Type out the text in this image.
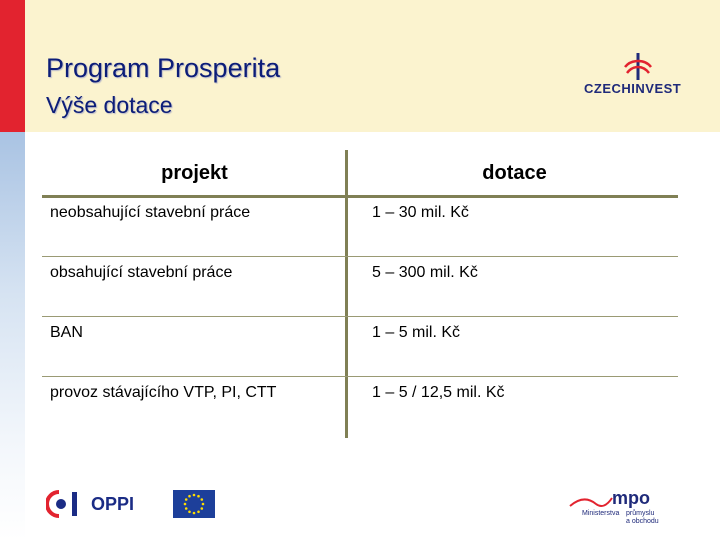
Program Prosperita
Výše dotace
CZECHINVEST
projekt	dotace
neobsahující stavební práce	1 – 30 mil. Kč
obsahující stavební práce	5 – 300 mil. Kč
BAN	1 – 5 mil. Kč
provoz stávajícího VTP, PI, CTT	1 – 5 / 12,5 mil. Kč
OPPI	mpo
Ministerstva průmyslu
a obchodu
